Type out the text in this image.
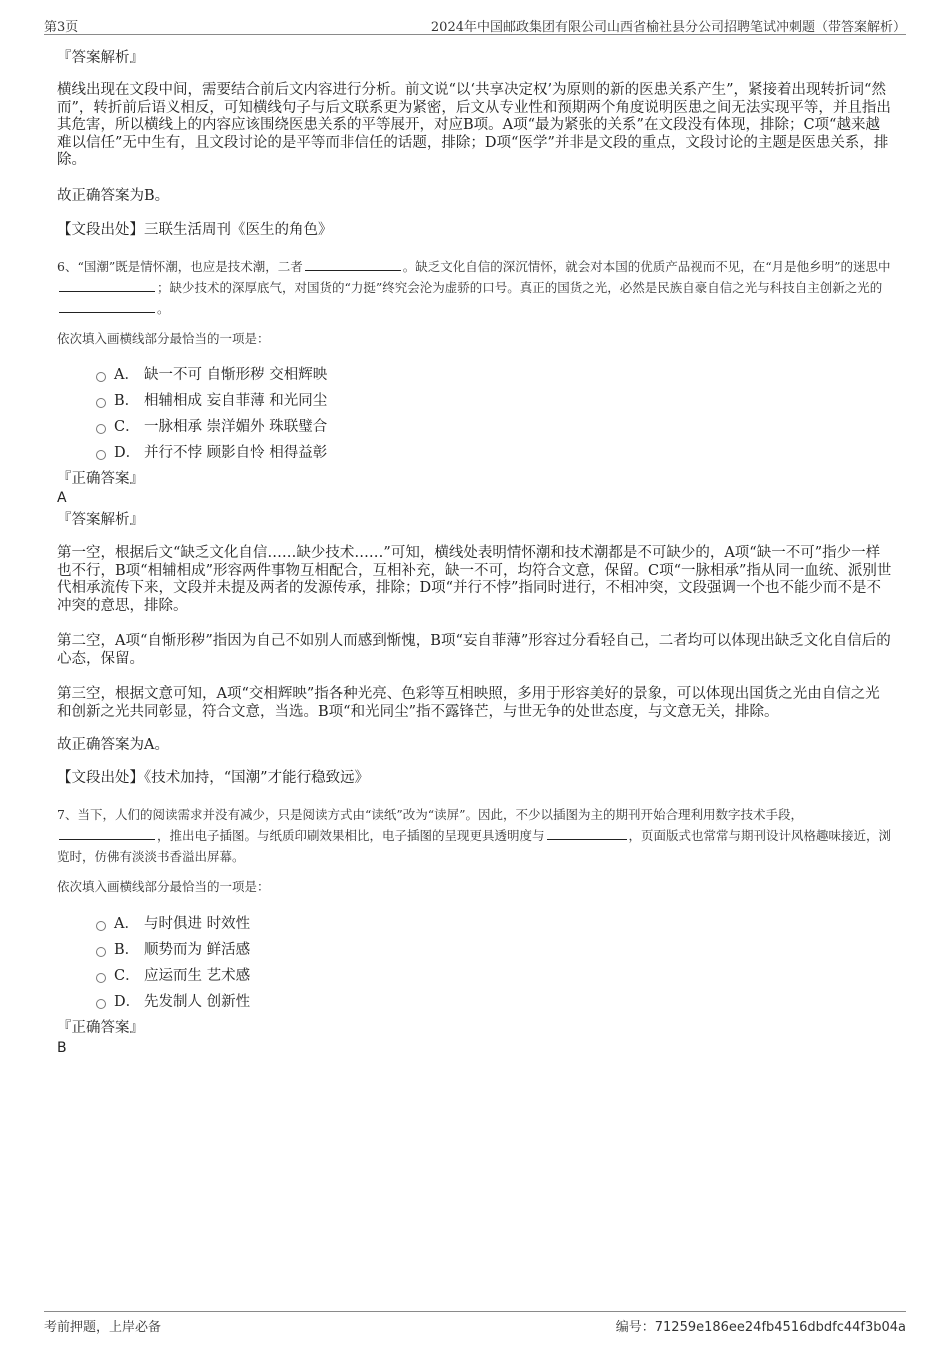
第3页	2024年中国邮政集团有限公司山西省榆社县分公司招聘笔试冲刺题（带答案解析）
『答案解析』
横线出现在文段中间，需要结合前后文内容进行分析。前文说“以‘共享决定权’为原则的新的医患关系产生”，紧接着出现转折词“然而”，转折前后语义相反，可知横线句子与后文联系更为紧密，后文从专业性和预期两个角度说明医患之间无法实现平等，并且指出其危害，所以横线上的内容应该围绕医患关系的平等展开，对应B项。A项“最为紧张的关系”在文段没有体现，排除；C项“越来越难以信任”无中生有，且文段讨论的是平等而非信任的话题，排除；D项“医学”并非是文段的重点，文段讨论的主题是医患关系，排除。
故正确答案为B。
【文段出处】三联生活周刊《医生的角色》
6、“国潮”既是情怀潮，也应是技术潮，二者	。缺乏文化自信的深沉情怀，就会对本国的优质产品视而不见，在“月是他乡明”的迷思中；缺少技术的深厚底气，对国货的“力挺”终究会沦为虚骄的口号。真正的国货之光，必然是民族自豪自信之光与科技自主创新之光的。
依次填入画横线部分最恰当的一项是：
A． 缺一不可 自惭形秽 交相辉映
B． 相辅相成 妄自菲薄 和光同尘
C． 一脉相承 崇洋媚外 珠联璧合
D． 并行不悖 顾影自怜 相得益彰
『正确答案』
A
『答案解析』
第一空，根据后文“缺乏文化自信……缺少技术……”可知，横线处表明情怀潮和技术潮都是不可缺少的，A项“缺一不可”指少一样也不行，B项“相辅相成”形容两件事物互相配合，互相补充，缺一不可，均符合文意，保留。C项“一脉相承”指从同一血统、派别世代相承流传下来，文段并未提及两者的发源传承，排除；D项“并行不悖”指同时进行，不相冲突，文段强调一个也不能少而不是不冲突的意思，排除。
第二空，A项“自惭形秽”指因为自己不如别人而感到惭愧，B项“妄自菲薄”形容过分看轻自己，二者均可以体现出缺乏文化自信后的心态，保留。
第三空，根据文意可知，A项“交相辉映”指各种光亮、色彩等互相映照，多用于形容美好的景象，可以体现出国货之光由自信之光和创新之光共同彰显，符合文意，当选。B项“和光同尘”指不露锋芒，与世无争的处世态度，与文意无关，排除。
故正确答案为A。
【文段出处】《技术加持，“国潮”才能行稳致远》
7、当下，人们的阅读需求并没有减少，只是阅读方式由“读纸”改为“读屏”。因此，不少以插图为主的期刊开始合理利用数字技术手段，，推出电子插图。与纸质印刷效果相比，电子插图的呈现更具透明度与	，页面版式也常常与期刊设计风格趣味接近，浏览时，仿佛有淡淡书香溢出屏幕。
依次填入画横线部分最恰当的一项是：
A． 与时俱进 时效性
B． 顺势而为 鲜活感
C． 应运而生 艺术感
D． 先发制人 创新性
『正确答案』
B
考前押题，上岸必备	编号：71259e186ee24fb4516dbdfc44f3b04a
